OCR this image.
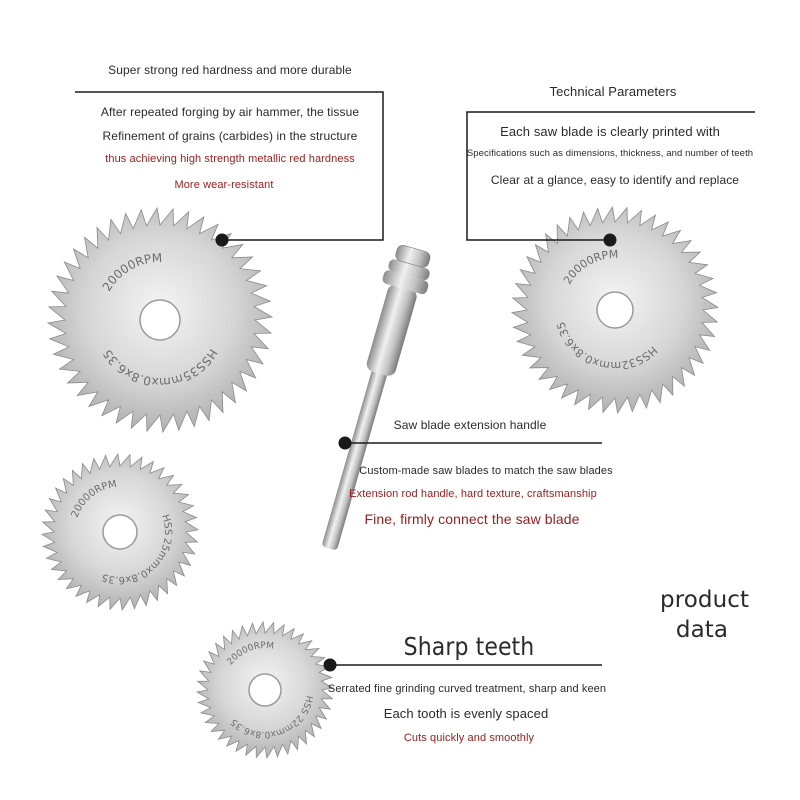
HSS35mmx0.8x6.35
20000RPM
HSS32mmx0.8x6.35
20000RPM
25mmx0.8x6.35
HSS
20000RPM
22mmx0.8x6.35
HSS
20000RPM
Super strong red hardness and more durable
After repeated forging by air hammer, the tissue
Refinement of grains (carbides) in the structure
thus achieving high strength metallic red hardness
More wear-resistant
Technical Parameters
Each saw blade is clearly printed with
Specifications such as dimensions, thickness, and number of teeth
Clear at a glance, easy to identify and replace
Saw blade extension handle
Custom-made saw blades to match the saw blades
Extension rod handle, hard texture, craftsmanship
Fine, firmly connect the saw blade
Sharp teeth
Serrated fine grinding curved treatment, sharp and keen
Each tooth is evenly spaced
Cuts quickly and smoothly
product
data
